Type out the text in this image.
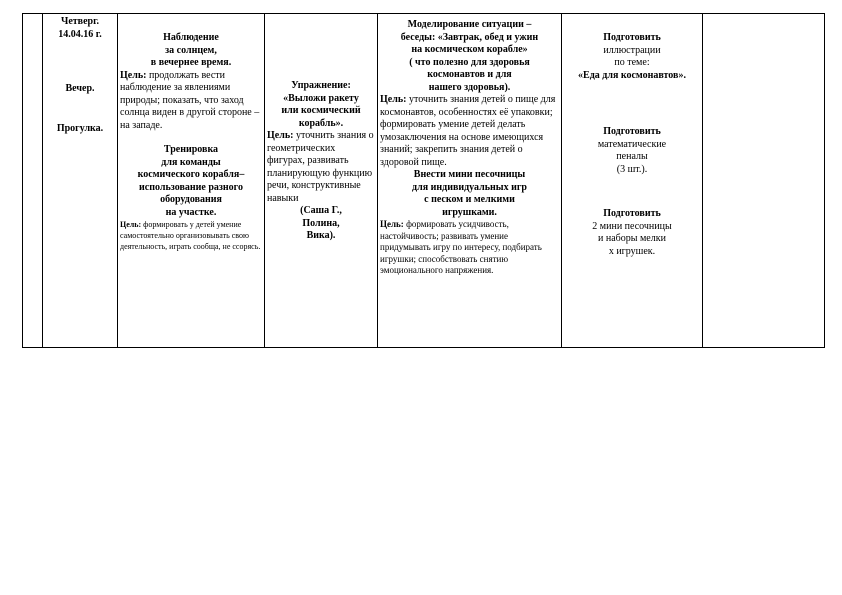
Четверг.
14.04.16 г.
Вечер.
Прогулка.

Наблюдение
за солнцем,
в вечернее время.
Цель: продолжать вести наблюдение за явлениями природы; показать, что заход солнца виден в другой стороне – на западе.
Тренировка
для команды
космического корабля–
использование разного
оборудования
на участке.
Цель: формировать у детей умение самостоятельно организовывать свою деятельность, играть сообща, не ссорясь.

Упражнение:
«Выложи ракету
или космический
корабль».
Цель: уточнить знания о геометрических фигурах, развивать планирующую функцию речи, конструктивные навыки
(Саша Г.,
Полина,
Вика).

Моделирование ситуации –
беседы: «Завтрак, обед и ужин
на космическом корабле»
( что полезно для здоровья
космонавтов и для
нашего здоровья).
Цель: уточнить знания детей о пище для космонавтов, особенностях её упаковки; формировать умение детей делать умозаключения на основе имеющихся знаний; закрепить знания детей о здоровой пище.
Внести мини песочницы
для индивидуальных игр
с песком и мелкими
игрушками.
Цель: формировать усидчивость, настойчивость; развивать умение придумывать игру по интересу, подбирать игрушки; способствовать снятию эмоционального напряжения.

Подготовить
иллюстрации
по теме:
«Еда для космонавтов».
Подготовить
математические
пеналы
(3 шт.).
Подготовить
2 мини песочницы
и наборы мелки
х игрушек.
